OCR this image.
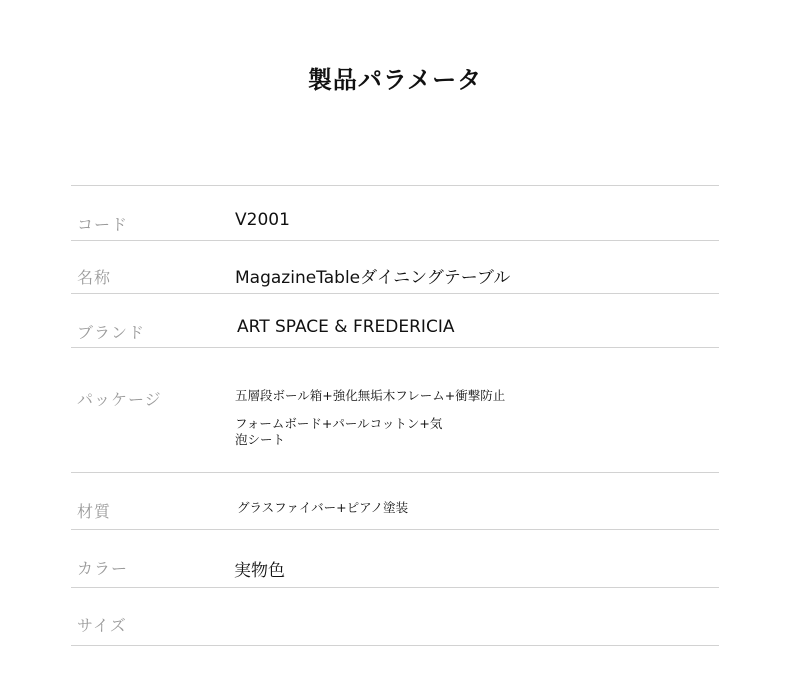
製品パラメータ
コード	V2001
名称	MagazineTableダイニングテーブル
ブランド	ART SPACE & FREDERICIA
パッケージ	五層段ボール箱+強化無垢木フレーム+衝撃防止
フォームボード+パールコットン+気
泡シート
材質	グラスファイバー+ピアノ塗装
カラー	実物色
サイズ
